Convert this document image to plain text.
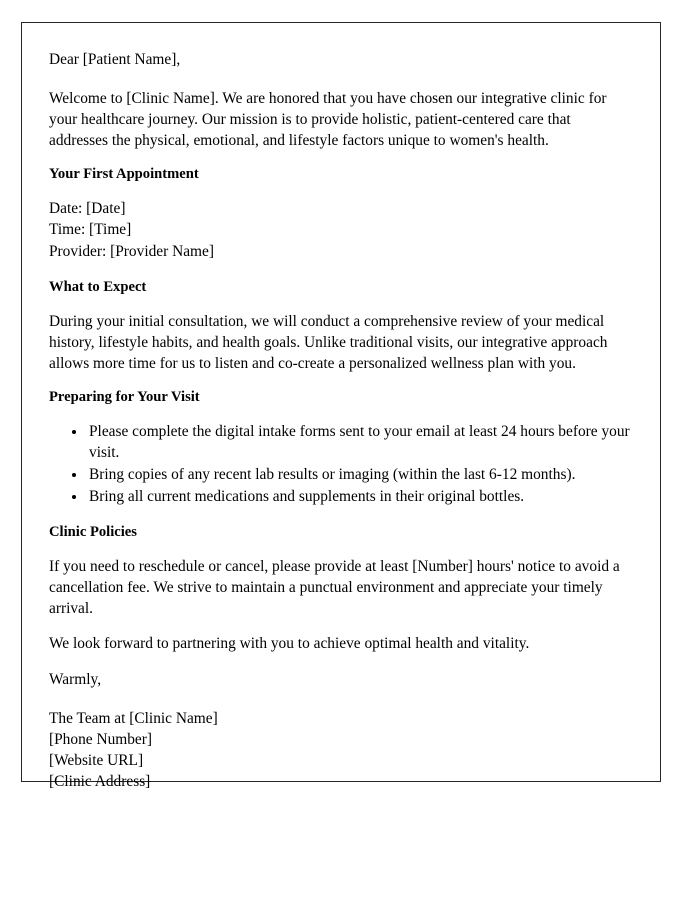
Dear [Patient Name],

Welcome to [Clinic Name]. We are honored that you have chosen our integrative clinic for your healthcare journey. Our mission is to provide holistic, patient-centered care that addresses the physical, emotional, and lifestyle factors unique to women's health.

Your First Appointment
Date: [Date]
Time: [Time]
Provider: [Provider Name]
What to Expect

During your initial consultation, we will conduct a comprehensive review of your medical history, lifestyle habits, and health goals. Unlike traditional visits, our integrative approach allows more time for us to listen and co-create a personalized wellness plan with you.

Preparing for Your Visit
• Please complete the digital intake forms sent to your email at least 24 hours before your visit.
• Bring copies of any recent lab results or imaging (within the last 6-12 months).
• Bring all current medications and supplements in their original bottles.
Clinic Policies

If you need to reschedule or cancel, please provide at least [Number] hours' notice to avoid a cancellation fee. We strive to maintain a punctual environment and appreciate your timely arrival.

We look forward to partnering with you to achieve optimal health and vitality.

Warmly,

The Team at [Clinic Name]
[Phone Number]
[Website URL]
[Clinic Address]
